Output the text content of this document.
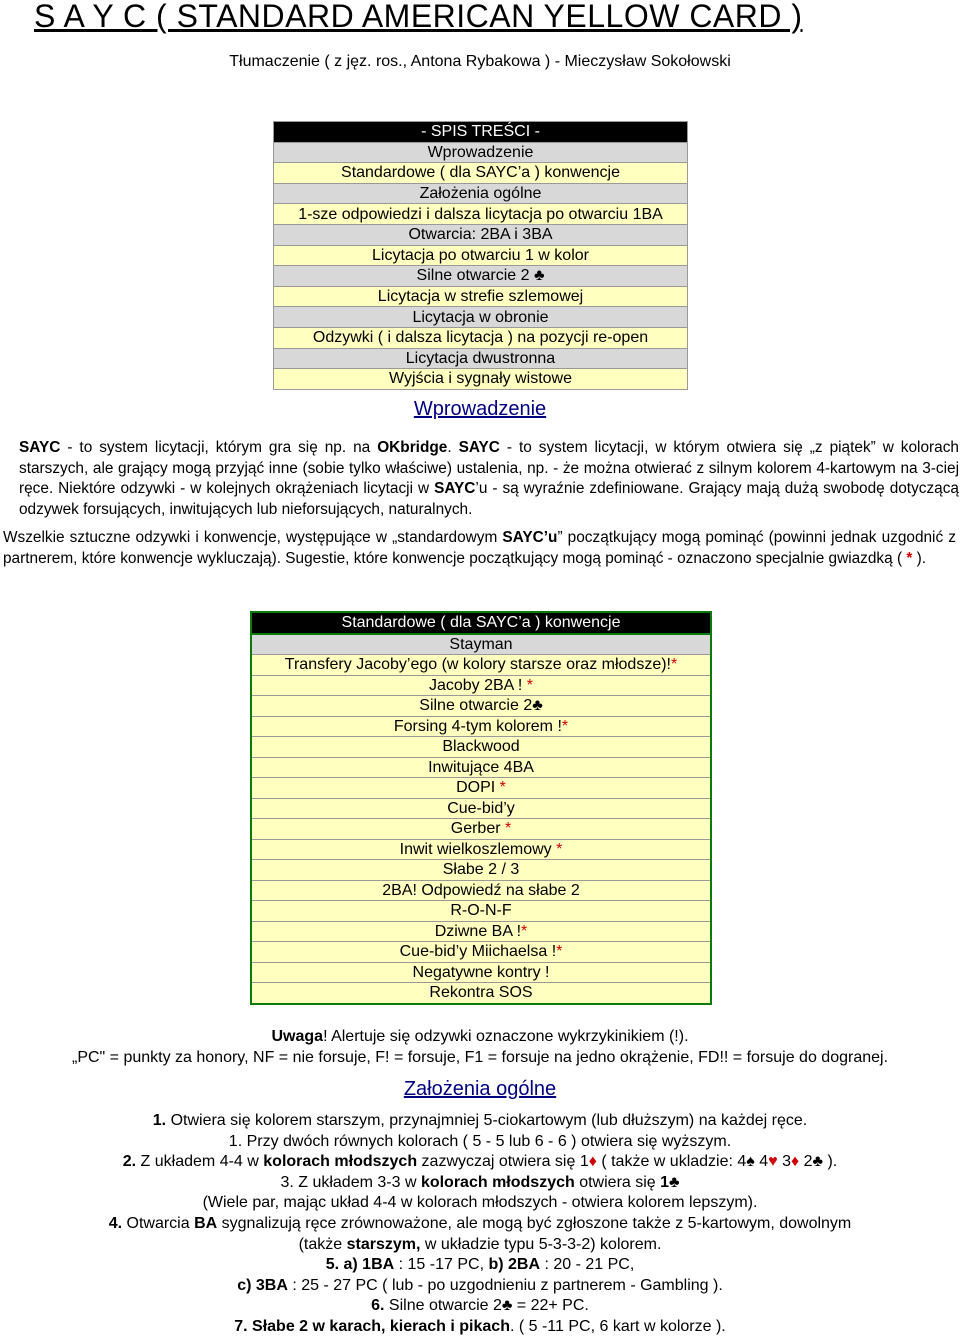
S A Y C ( STANDARD AMERICAN YELLOW CARD )
Tłumaczenie ( z jęz. ros., Antona Rybakowa ) - Mieczysław Sokołowski
- SPIS TREŚCI -
Wprowadzenie
Standardowe ( dla SAYC’a ) konwencje
Założenia ogólne
1-sze odpowiedzi i dalsza licytacja po otwarciu 1BA
Otwarcia: 2BA i 3BA
Licytacja po otwarciu 1 w kolor
Silne otwarcie 2 ♣
Licytacja w strefie szlemowej
Licytacja w obronie
Odzywki ( i dalsza licytacja ) na pozycji re-open
Licytacja dwustronna
Wyjścia i sygnały wistowe
Wprowadzenie

SAYC - to system licytacji, którym gra się np. na OKbridge. SAYC - to system licytacji, w którym otwiera się „z piątek” w kolorach starszych, ale grający mogą przyjąć inne (sobie tylko właściwe) ustalenia, np. - że można otwierać z silnym kolorem 4-kartowym na 3-ciej ręce. Niektóre odzywki - w kolejnych okrążeniach licytacji w SAYC’u - są wyraźnie zdefiniowane. Grający mają dużą swobodę dotyczącą odzywek forsujących, inwitujących lub nieforsujących, naturalnych.

Wszelkie sztuczne odzywki i konwencje, występujące w „standardowym SAYC’u” początkujący mogą pominąć (powinni jednak uzgodnić z partnerem, które konwencje wykluczają). Sugestie, które konwencje początkujący mogą pominąć - oznaczono specjalnie gwiazdką ( * ).

Standardowe ( dla SAYC’a ) konwencje
Stayman
Transfery Jacoby’ego (w kolory starsze oraz młodsze)!*
Jacoby 2BA ! *
Silne otwarcie 2♣
Forsing 4-tym kolorem !*
Blackwood
Inwitujące 4BA
DOPI *
Cue-bid’y
Gerber *
Inwit wielkoszlemowy *
Słabe 2 / 3
2BA! Odpowiedź na słabe 2
R-O-N-F
Dziwne BA !*
Cue-bid’y Miichaelsa !*
Negatywne kontry !
Rekontra SOS
Uwaga! Alertuje się odzywki oznaczone wykrzykinikiem (!).
„PC" = punkty za honory, NF = nie forsuje, F! = forsuje, F1 = forsuje na jedno okrążenie, FD!! = forsuje do dogranej.
Założenia ogólne
1. Otwiera się kolorem starszym, przynajmniej 5-ciokartowym (lub dłuższym) na każdej ręce.
1. Przy dwóch równych kolorach ( 5 - 5 lub 6 - 6 ) otwiera się wyższym.
2. Z układem 4-4 w kolorach młodszych zazwyczaj otwiera się 1♦ ( także w ukladzie: 4♠ 4♥ 3♦ 2♣ ).
3. Z układem 3-3 w kolorach młodszych otwiera się 1♣
(Wiele par, mając układ 4-4 w kolorach młodszych - otwiera kolorem lepszym).
4. Otwarcia BA sygnalizują ręce zrównoważone, ale mogą być zgłoszone także z 5-kartowym, dowolnym
(także starszym, w układzie typu 5-3-3-2) kolorem.
5. a) 1BA : 15 -17 PC, b) 2BA : 20 - 21 PC,
c) 3BA : 25 - 27 PC ( lub - po uzgodnieniu z partnerem - Gambling ).
6. Silne otwarcie 2♣ = 22+ PC.
7. Słabe 2 w karach, kierach i pikach. ( 5 -11 PC, 6 kart w kolorze ).
